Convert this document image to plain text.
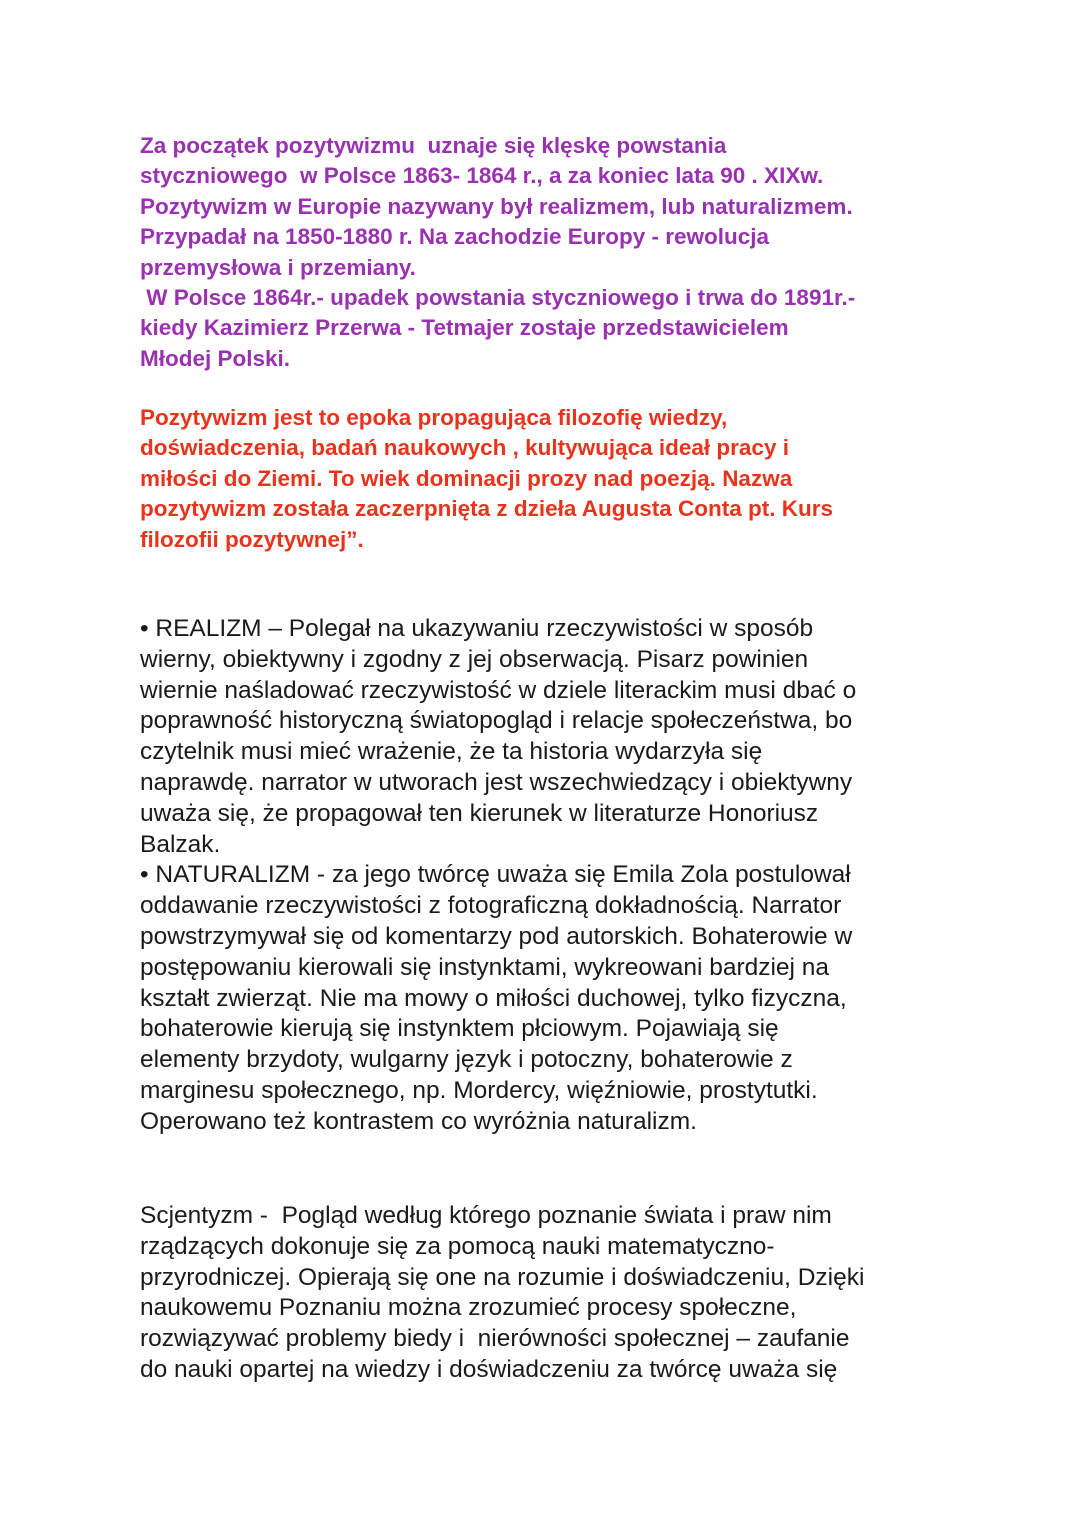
Za początek pozytywizmu  uznaje się klęskę powstania
styczniowego  w Polsce 1863- 1864 r., a za koniec lata 90 . XIXw.
Pozytywizm w Europie nazywany był realizmem, lub naturalizmem.
Przypadał na 1850-1880 r. Na zachodzie Europy - rewolucja
przemysłowa i przemiany.
W Polsce 1864r.- upadek powstania styczniowego i trwa do 1891r.-
kiedy Kazimierz Przerwa - Tetmajer zostaje przedstawicielem
Młodej Polski.
Pozytywizm jest to epoka propagująca filozofię wiedzy,
doświadczenia, badań naukowych , kultywująca ideał pracy i
miłości do Ziemi. To wiek dominacji prozy nad poezją. Nazwa
pozytywizm została zaczerpnięta z dzieła Augusta Conta pt. Kurs
filozofii pozytywnej”.
• REALIZM – Polegał na ukazywaniu rzeczywistości w sposób
wierny, obiektywny i zgodny z jej obserwacją. Pisarz powinien
wiernie naśladować rzeczywistość w dziele literackim musi dbać o
poprawność historyczną światopogląd i relacje społeczeństwa, bo
czytelnik musi mieć wrażenie, że ta historia wydarzyła się
naprawdę. narrator w utworach jest wszechwiedzący i obiektywny
uważa się, że propagował ten kierunek w literaturze Honoriusz
Balzak.
• NATURALIZM - za jego twórcę uważa się Emila Zola postulował
oddawanie rzeczywistości z fotograficzną dokładnością. Narrator
powstrzymywał się od komentarzy pod autorskich. Bohaterowie w
postępowaniu kierowali się instynktami, wykreowani bardziej na
kształt zwierząt. Nie ma mowy o miłości duchowej, tylko fizyczna,
bohaterowie kierują się instynktem płciowym. Pojawiają się
elementy brzydoty, wulgarny język i potoczny, bohaterowie z
marginesu społecznego, np. Mordercy, więźniowie, prostytutki.
Operowano też kontrastem co wyróżnia naturalizm.
Scjentyzm -  Pogląd według którego poznanie świata i praw nim
rządzących dokonuje się za pomocą nauki matematyczno-
przyrodniczej. Opierają się one na rozumie i doświadczeniu, Dzięki
naukowemu Poznaniu można zrozumieć procesy społeczne,
rozwiązywać problemy biedy i  nierówności społecznej – zaufanie
do nauki opartej na wiedzy i doświadczeniu za twórcę uważa się
